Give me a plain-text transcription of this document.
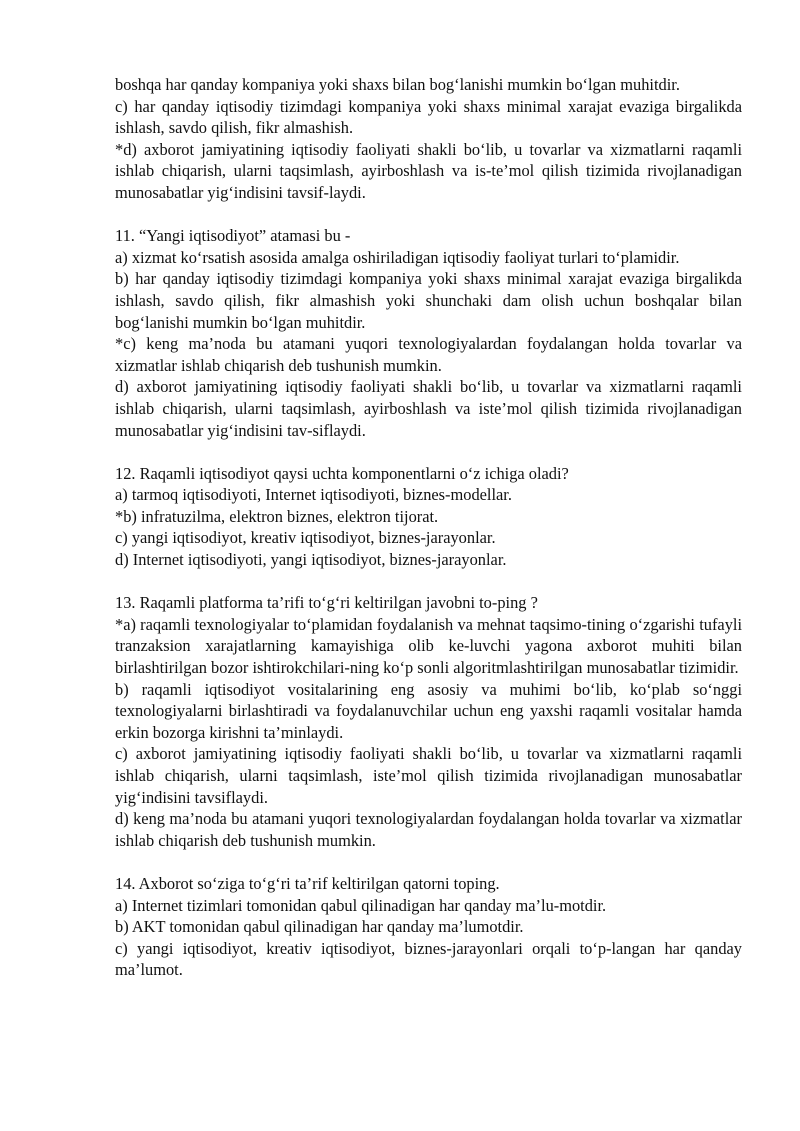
boshqa har qanday kompaniya yoki shaxs bilan bog‘lanishi mumkin bo‘lgan muhitdir.

c) har qanday iqtisodiy tizimdagi kompaniya yoki shaxs minimal xarajat evaziga birgalikda ishlash, savdo qilish, fikr almashish.

*d) axborot jamiyatining iqtisodiy faoliyati shakli bo‘lib, u tovarlar va xizmatlarni raqamli ishlab chiqarish, ularni taqsimlash, ayirboshlash va is-te’mol qilish tizimida rivojlanadigan munosabatlar yig‘indisini tavsif-laydi.

11. “Yangi iqtisodiyot” atamasi bu -

a) xizmat ko‘rsatish asosida amalga oshiriladigan iqtisodiy faoliyat turlari to‘plamidir.

b) har qanday iqtisodiy tizimdagi kompaniya yoki shaxs minimal xarajat evaziga birgalikda ishlash, savdo qilish, fikr almashish yoki shunchaki dam olish uchun boshqalar bilan bog‘lanishi mumkin bo‘lgan muhitdir.

*c) keng ma’noda bu atamani yuqori texnologiyalardan foydalangan holda tovarlar va xizmatlar ishlab chiqarish deb tushunish mumkin.

d) axborot jamiyatining iqtisodiy faoliyati shakli bo‘lib, u tovarlar va xizmatlarni raqamli ishlab chiqarish, ularni taqsimlash, ayirboshlash va iste’mol qilish tizimida rivojlanadigan munosabatlar yig‘indisini tav-siflaydi.

12. Raqamli iqtisodiyot qaysi uchta komponentlarni o‘z ichiga oladi?

a) tarmoq iqtisodiyoti, Internet iqtisodiyoti, biznes-modellar.

*b) infratuzilma, elektron biznes, elektron tijorat.

c) yangi iqtisodiyot, kreativ iqtisodiyot, biznes-jarayonlar.

d) Internet iqtisodiyoti, yangi iqtisodiyot, biznes-jarayonlar.

13. Raqamli platforma ta’rifi to‘g‘ri keltirilgan javobni to-ping ?

*a) raqamli texnologiyalar to‘plamidan foydalanish va mehnat taqsimo-tining o‘zgarishi tufayli tranzaksion xarajatlarning kamayishiga olib ke-luvchi yagona axborot muhiti bilan birlashtirilgan bozor ishtirokchilari-ning ko‘p sonli algoritmlashtirilgan munosabatlar tizimidir.

b) raqamli iqtisodiyot vositalarining eng asosiy va muhimi bo‘lib, ko‘plab so‘nggi texnologiyalarni birlashtiradi va foydalanuvchilar uchun eng yaxshi raqamli vositalar hamda erkin bozorga kirishni ta’minlaydi.

c) axborot jamiyatining iqtisodiy faoliyati shakli bo‘lib, u tovarlar va xizmatlarni raqamli ishlab chiqarish, ularni taqsimlash, iste’mol qilish tizimida rivojlanadigan munosabatlar yig‘indisini tavsiflaydi.

d) keng ma’noda bu atamani yuqori texnologiyalardan foydalangan holda tovarlar va xizmatlar ishlab chiqarish deb tushunish mumkin.

14. Axborot so‘ziga to‘g‘ri ta’rif keltirilgan qatorni toping.

a) Internet tizimlari tomonidan qabul qilinadigan har qanday ma’lu-motdir.

b) AKT tomonidan qabul qilinadigan har qanday ma’lumotdir.

c) yangi iqtisodiyot, kreativ iqtisodiyot, biznes-jarayonlari orqali to‘p-langan har qanday ma’lumot.
